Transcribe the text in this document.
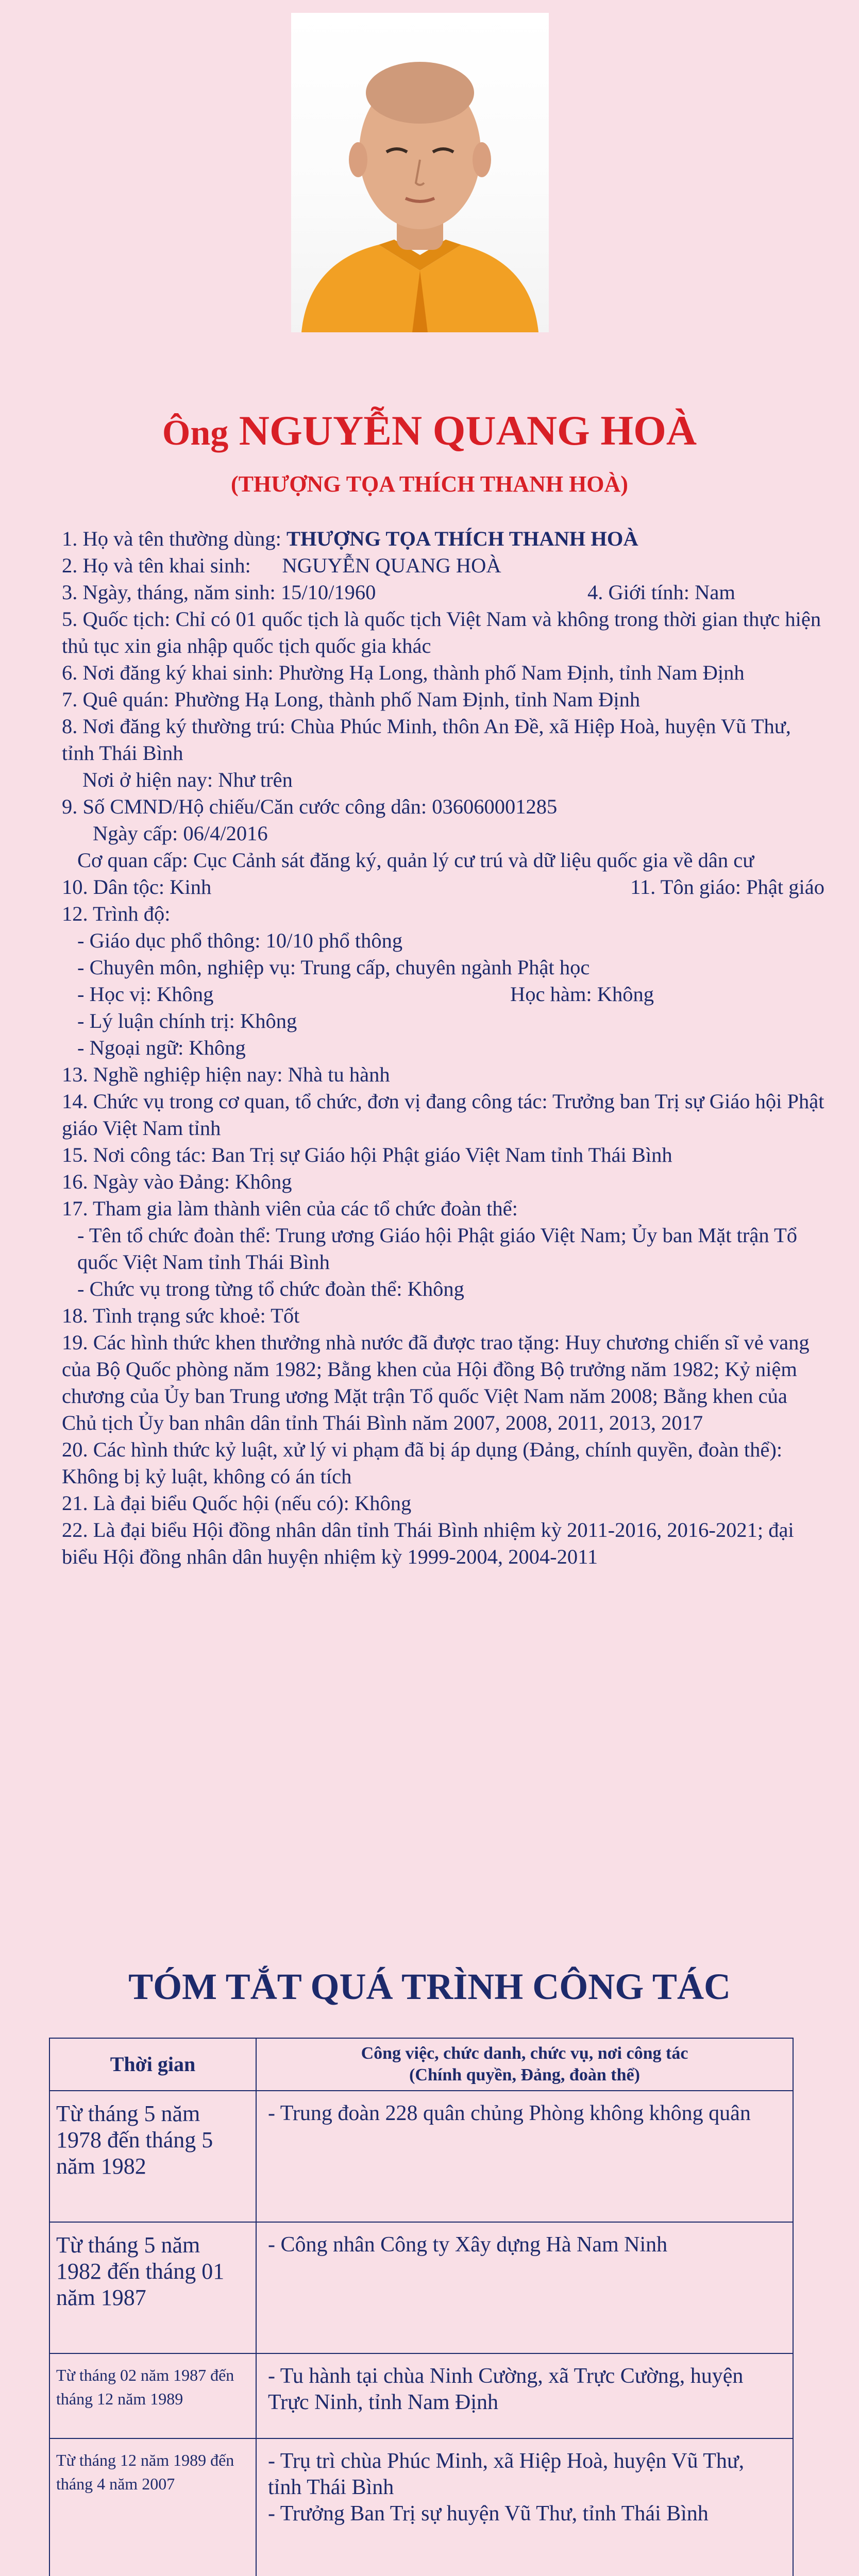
Ông NGUYỄN QUANG HOÀ
(THƯỢNG TỌA THÍCH THANH HOÀ)

1. Họ và tên thường dùng: THƯỢNG TỌA THÍCH THANH HOÀ

2. Họ và tên khai sinh:      NGUYỄN QUANG HOÀ

3. Ngày, tháng, năm sinh: 15/10/1960	4. Giới tính: Nam

5. Quốc tịch: Chỉ có 01 quốc tịch là quốc tịch Việt Nam và không trong thời gian thực hiện thủ tục xin gia nhập quốc tịch quốc gia khác

6. Nơi đăng ký khai sinh: Phường Hạ Long, thành phố Nam Định, tỉnh Nam Định

7. Quê quán: Phường Hạ Long, thành phố Nam Định, tỉnh Nam Định

8. Nơi đăng ký thường trú: Chùa Phúc Minh, thôn An Đề, xã Hiệp Hoà, huyện Vũ Thư, tỉnh Thái Bình

Nơi ở hiện nay: Như trên

9. Số CMND/Hộ chiếu/Căn cước công dân: 036060001285

Ngày cấp: 06/4/2016

Cơ quan cấp: Cục Cảnh sát đăng ký, quản lý cư trú và dữ liệu quốc gia về dân cư

10. Dân tộc: Kinh	11. Tôn giáo: Phật giáo

12. Trình độ:

- Giáo dục phổ thông: 10/10 phổ thông

- Chuyên môn, nghiệp vụ: Trung cấp, chuyên ngành Phật học

- Học vị: Không	Học hàm: Không

- Lý luận chính trị: Không

- Ngoại ngữ: Không

13. Nghề nghiệp hiện nay: Nhà tu hành

14. Chức vụ trong cơ quan, tổ chức, đơn vị đang công tác: Trưởng ban Trị sự Giáo hội Phật giáo Việt Nam tỉnh

15. Nơi công tác: Ban Trị sự Giáo hội Phật giáo Việt Nam tỉnh Thái Bình

16. Ngày vào Đảng: Không

17. Tham gia làm thành viên của các tổ chức đoàn thể:

- Tên tổ chức đoàn thể: Trung ương Giáo hội Phật giáo Việt Nam; Ủy ban Mặt trận Tổ quốc Việt Nam tỉnh Thái Bình

- Chức vụ trong từng tổ chức đoàn thể: Không

18. Tình trạng sức khoẻ: Tốt

19. Các hình thức khen thưởng nhà nước đã được trao tặng: Huy chương chiến sĩ vẻ vang của Bộ Quốc phòng năm 1982; Bằng khen của Hội đồng Bộ trưởng năm 1982; Kỷ niệm chương của Ủy ban Trung ương Mặt trận Tổ quốc Việt Nam năm 2008; Bằng khen của Chủ tịch Ủy ban nhân dân tỉnh Thái Bình năm 2007, 2008, 2011, 2013, 2017

20. Các hình thức kỷ luật, xử lý vi phạm đã bị áp dụng (Đảng, chính quyền, đoàn thể): Không bị kỷ luật, không có án tích

21. Là đại biểu Quốc hội (nếu có): Không

22. Là đại biểu Hội đồng nhân dân tỉnh Thái Bình nhiệm kỳ 2011-2016, 2016-2021; đại biểu Hội đồng nhân dân huyện nhiệm kỳ 1999-2004, 2004-2011

TÓM TẮT QUÁ TRÌNH CÔNG TÁC
Thời gian	Công việc, chức danh, chức vụ, nơi công tác
(Chính quyền, Đảng, đoàn thể)

Từ tháng 5 năm 1978 đến tháng 5 năm 1982	- Trung đoàn 228 quân chủng Phòng không không quân

Từ tháng 5 năm 1982 đến tháng 01 năm 1987	- Công nhân Công ty Xây dựng Hà Nam Ninh

Từ tháng 02 năm 1987 đến tháng 12 năm 1989	- Tu hành tại chùa Ninh Cường, xã Trực Cường, huyện Trực Ninh, tỉnh Nam Định

Từ tháng 12 năm 1989 đến tháng 4 năm 2007	- Trụ trì chùa Phúc Minh, xã Hiệp Hoà, huyện Vũ Thư, tỉnh Thái Bình

- Trưởng Ban Trị sự huyện Vũ Thư, tỉnh Thái Bình
